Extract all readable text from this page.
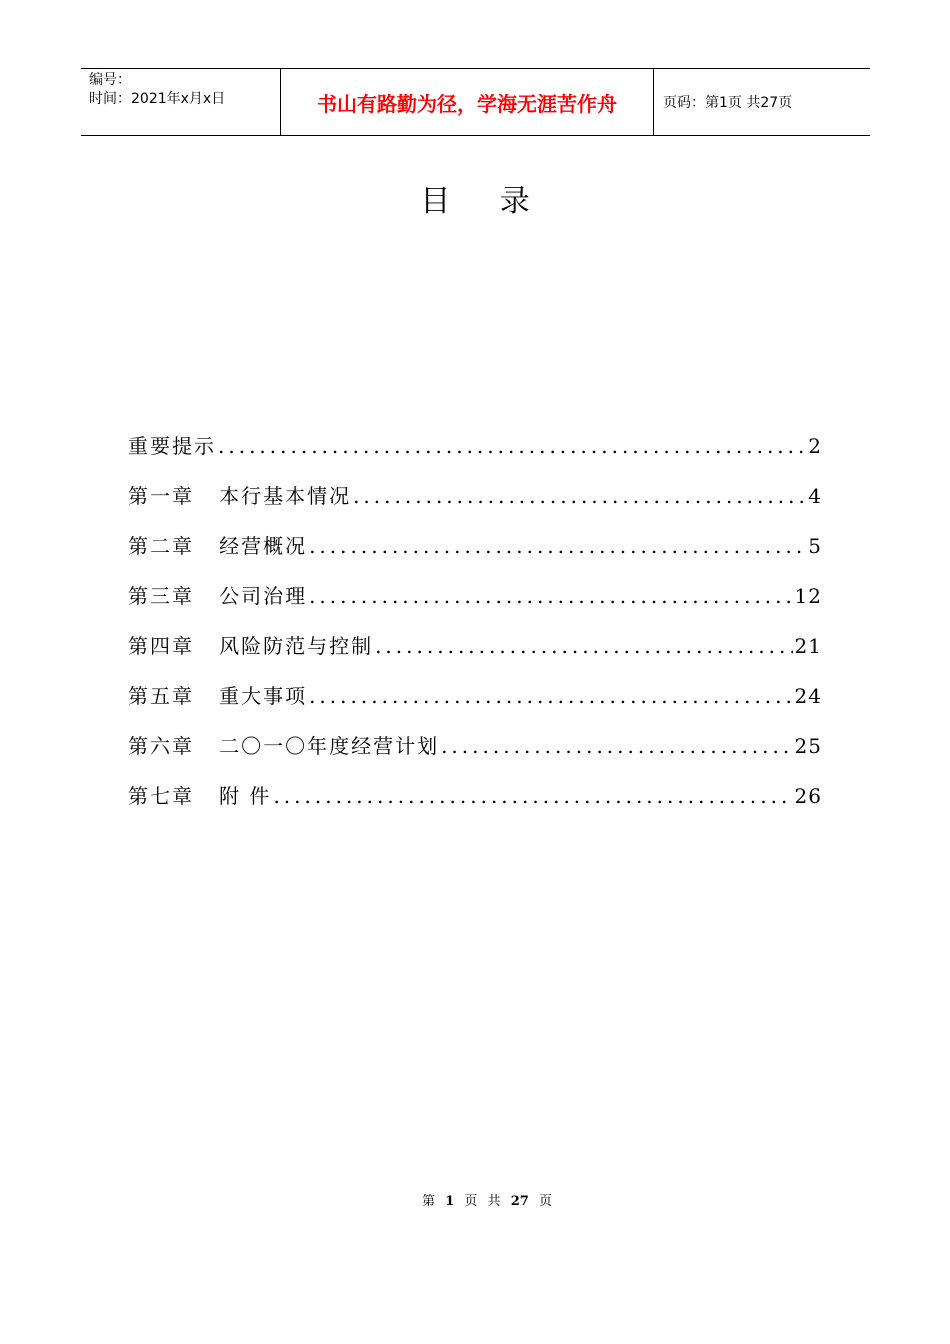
编号：
时间：2021年x月x日	书山有路勤为径，学海无涯苦作舟	页码：第1页 共27页
目 录
重要提示 .....	2
第一章   本行基本情况 .....	4
第二章   经营概况 .....	5
第三章   公司治理 .....	12
第四章   风险防范与控制 .....	21
第五章   重大事项 .....	24
第六章   二〇一〇年度经营计划 .....	25
第七章   附 件 .....	26
第 1 页 共 27 页
